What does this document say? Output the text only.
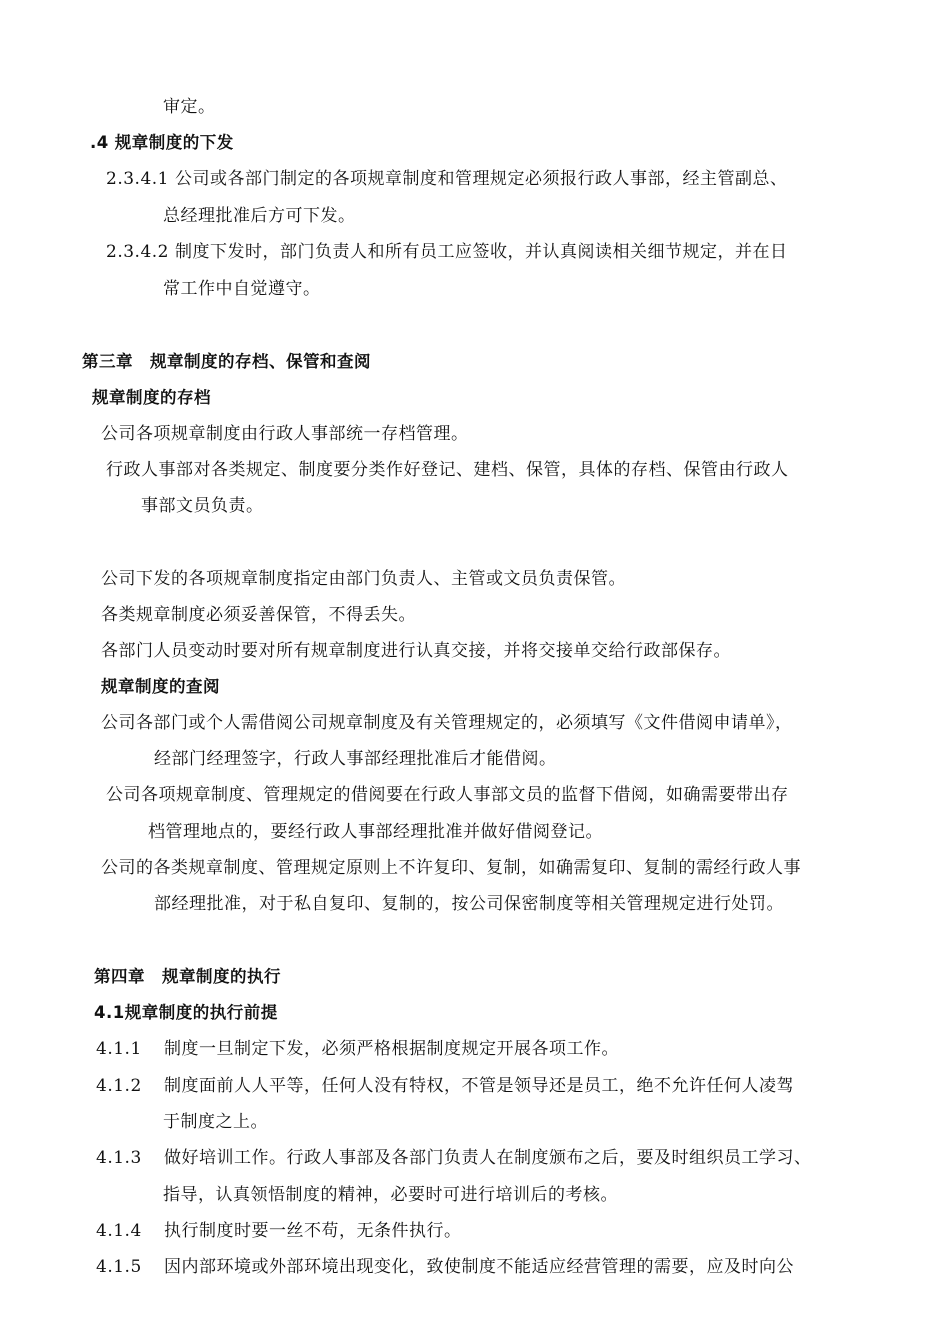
审定。
.4 规章制度的下发
2.3.4.1 公司或各部门制定的各项规章制度和管理规定必须报行政人事部，经主管副总、
总经理批准后方可下发。
2.3.4.2 制度下发时，部门负责人和所有员工应签收，并认真阅读相关细节规定，并在日
常工作中自觉遵守。
第三章　规章制度的存档、保管和查阅
规章制度的存档
公司各项规章制度由行政人事部统一存档管理。
行政人事部对各类规定、制度要分类作好登记、建档、保管，具体的存档、保管由行政人
事部文员负责。
公司下发的各项规章制度指定由部门负责人、主管或文员负责保管。
各类规章制度必须妥善保管，不得丢失。
各部门人员变动时要对所有规章制度进行认真交接，并将交接单交给行政部保存。
规章制度的查阅
公司各部门或个人需借阅公司规章制度及有关管理规定的，必须填写《文件借阅申请单》，
经部门经理签字，行政人事部经理批准后才能借阅。
公司各项规章制度、管理规定的借阅要在行政人事部文员的监督下借阅，如确需要带出存
档管理地点的，要经行政人事部经理批准并做好借阅登记。
公司的各类规章制度、管理规定原则上不许复印、复制，如确需复印、复制的需经行政人事
部经理批准，对于私自复印、复制的，按公司保密制度等相关管理规定进行处罚。
第四章　规章制度的执行
4.1规章制度的执行前提
4.1.1 制度一旦制定下发，必须严格根据制度规定开展各项工作。
4.1.2 制度面前人人平等，任何人没有特权，不管是领导还是员工，绝不允许任何人凌驾
于制度之上。
4.1.3 做好培训工作。行政人事部及各部门负责人在制度颁布之后，要及时组织员工学习、
指导，认真领悟制度的精神，必要时可进行培训后的考核。
4.1.4 执行制度时要一丝不苟，无条件执行。
4.1.5 因内部环境或外部环境出现变化，致使制度不能适应经营管理的需要，应及时向公
